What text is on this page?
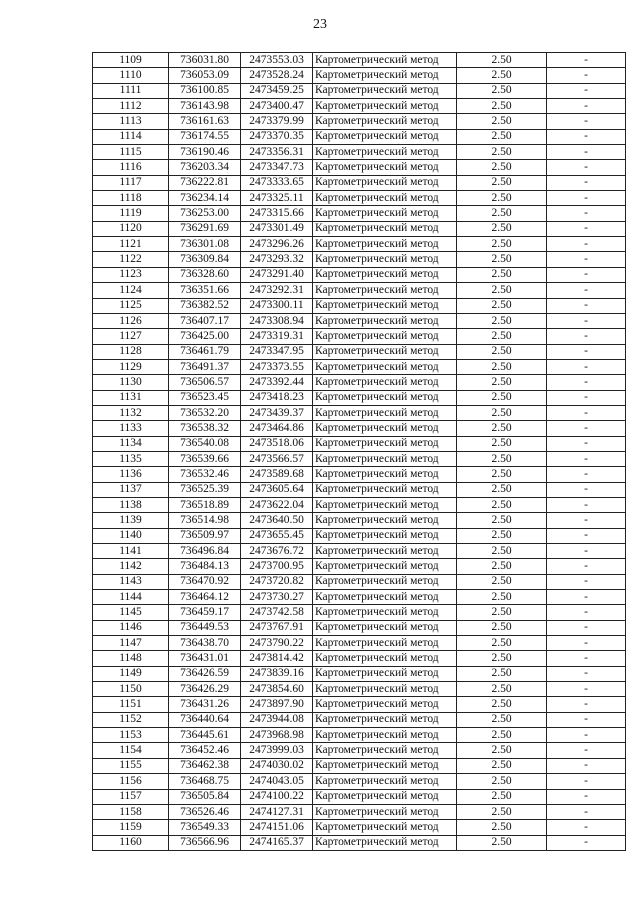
23
1109	736031.80	2473553.03	Картометрический метод	2.50	-
1110	736053.09	2473528.24	Картометрический метод	2.50	-
1111	736100.85	2473459.25	Картометрический метод	2.50	-
1112	736143.98	2473400.47	Картометрический метод	2.50	-
1113	736161.63	2473379.99	Картометрический метод	2.50	-
1114	736174.55	2473370.35	Картометрический метод	2.50	-
1115	736190.46	2473356.31	Картометрический метод	2.50	-
1116	736203.34	2473347.73	Картометрический метод	2.50	-
1117	736222.81	2473333.65	Картометрический метод	2.50	-
1118	736234.14	2473325.11	Картометрический метод	2.50	-
1119	736253.00	2473315.66	Картометрический метод	2.50	-
1120	736291.69	2473301.49	Картометрический метод	2.50	-
1121	736301.08	2473296.26	Картометрический метод	2.50	-
1122	736309.84	2473293.32	Картометрический метод	2.50	-
1123	736328.60	2473291.40	Картометрический метод	2.50	-
1124	736351.66	2473292.31	Картометрический метод	2.50	-
1125	736382.52	2473300.11	Картометрический метод	2.50	-
1126	736407.17	2473308.94	Картометрический метод	2.50	-
1127	736425.00	2473319.31	Картометрический метод	2.50	-
1128	736461.79	2473347.95	Картометрический метод	2.50	-
1129	736491.37	2473373.55	Картометрический метод	2.50	-
1130	736506.57	2473392.44	Картометрический метод	2.50	-
1131	736523.45	2473418.23	Картометрический метод	2.50	-
1132	736532.20	2473439.37	Картометрический метод	2.50	-
1133	736538.32	2473464.86	Картометрический метод	2.50	-
1134	736540.08	2473518.06	Картометрический метод	2.50	-
1135	736539.66	2473566.57	Картометрический метод	2.50	-
1136	736532.46	2473589.68	Картометрический метод	2.50	-
1137	736525.39	2473605.64	Картометрический метод	2.50	-
1138	736518.89	2473622.04	Картометрический метод	2.50	-
1139	736514.98	2473640.50	Картометрический метод	2.50	-
1140	736509.97	2473655.45	Картометрический метод	2.50	-
1141	736496.84	2473676.72	Картометрический метод	2.50	-
1142	736484.13	2473700.95	Картометрический метод	2.50	-
1143	736470.92	2473720.82	Картометрический метод	2.50	-
1144	736464.12	2473730.27	Картометрический метод	2.50	-
1145	736459.17	2473742.58	Картометрический метод	2.50	-
1146	736449.53	2473767.91	Картометрический метод	2.50	-
1147	736438.70	2473790.22	Картометрический метод	2.50	-
1148	736431.01	2473814.42	Картометрический метод	2.50	-
1149	736426.59	2473839.16	Картометрический метод	2.50	-
1150	736426.29	2473854.60	Картометрический метод	2.50	-
1151	736431.26	2473897.90	Картометрический метод	2.50	-
1152	736440.64	2473944.08	Картометрический метод	2.50	-
1153	736445.61	2473968.98	Картометрический метод	2.50	-
1154	736452.46	2473999.03	Картометрический метод	2.50	-
1155	736462.38	2474030.02	Картометрический метод	2.50	-
1156	736468.75	2474043.05	Картометрический метод	2.50	-
1157	736505.84	2474100.22	Картометрический метод	2.50	-
1158	736526.46	2474127.31	Картометрический метод	2.50	-
1159	736549.33	2474151.06	Картометрический метод	2.50	-
1160	736566.96	2474165.37	Картометрический метод	2.50	-
